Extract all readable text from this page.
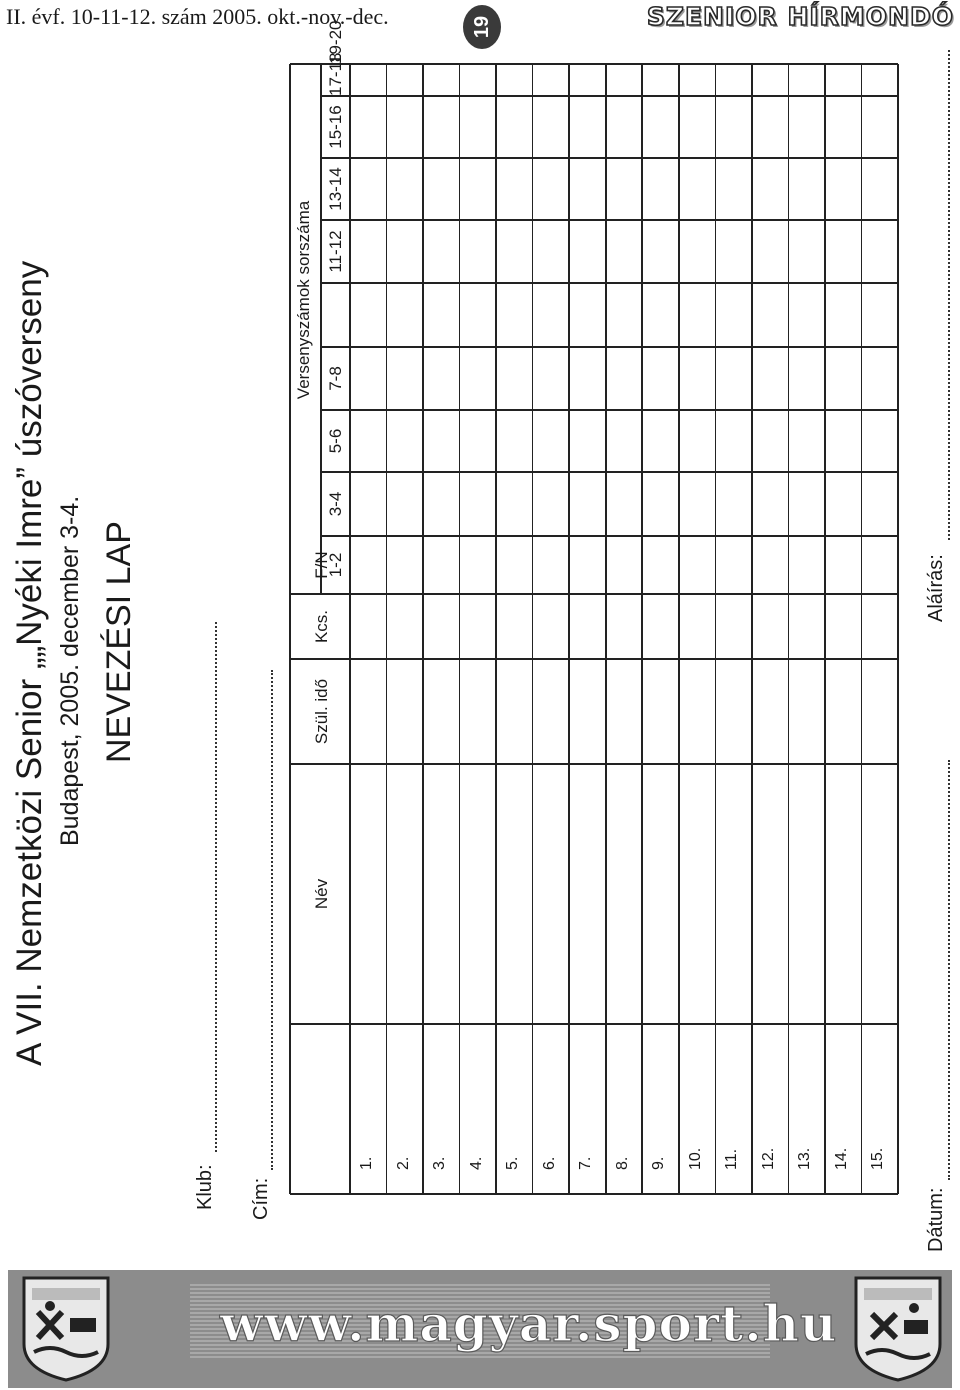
II. évf. 10-11-12. szám 2005. okt.-nov.-dec.	19	SZENIOR HÍRMONDÓ
A VII. Nemzetközi Senior „„Nyéki Imre” úszóverseny Budapest, 2005. december 3-4. NEVEZÉSI LAP
Klub: Cím:
Név
Szül. idő
Kcs.
F/N
Versenyszámok sorszáma
1-2
3-4
5-6
7-8
11-12
13-14
15-16
17-18
19-20
1. 2. 3. 4. 5. 6. 7. 8. 9. 10. 11. 12. 13. 14. 15.
Dátum:
Aláírás:
www.magyar.sport.hu
